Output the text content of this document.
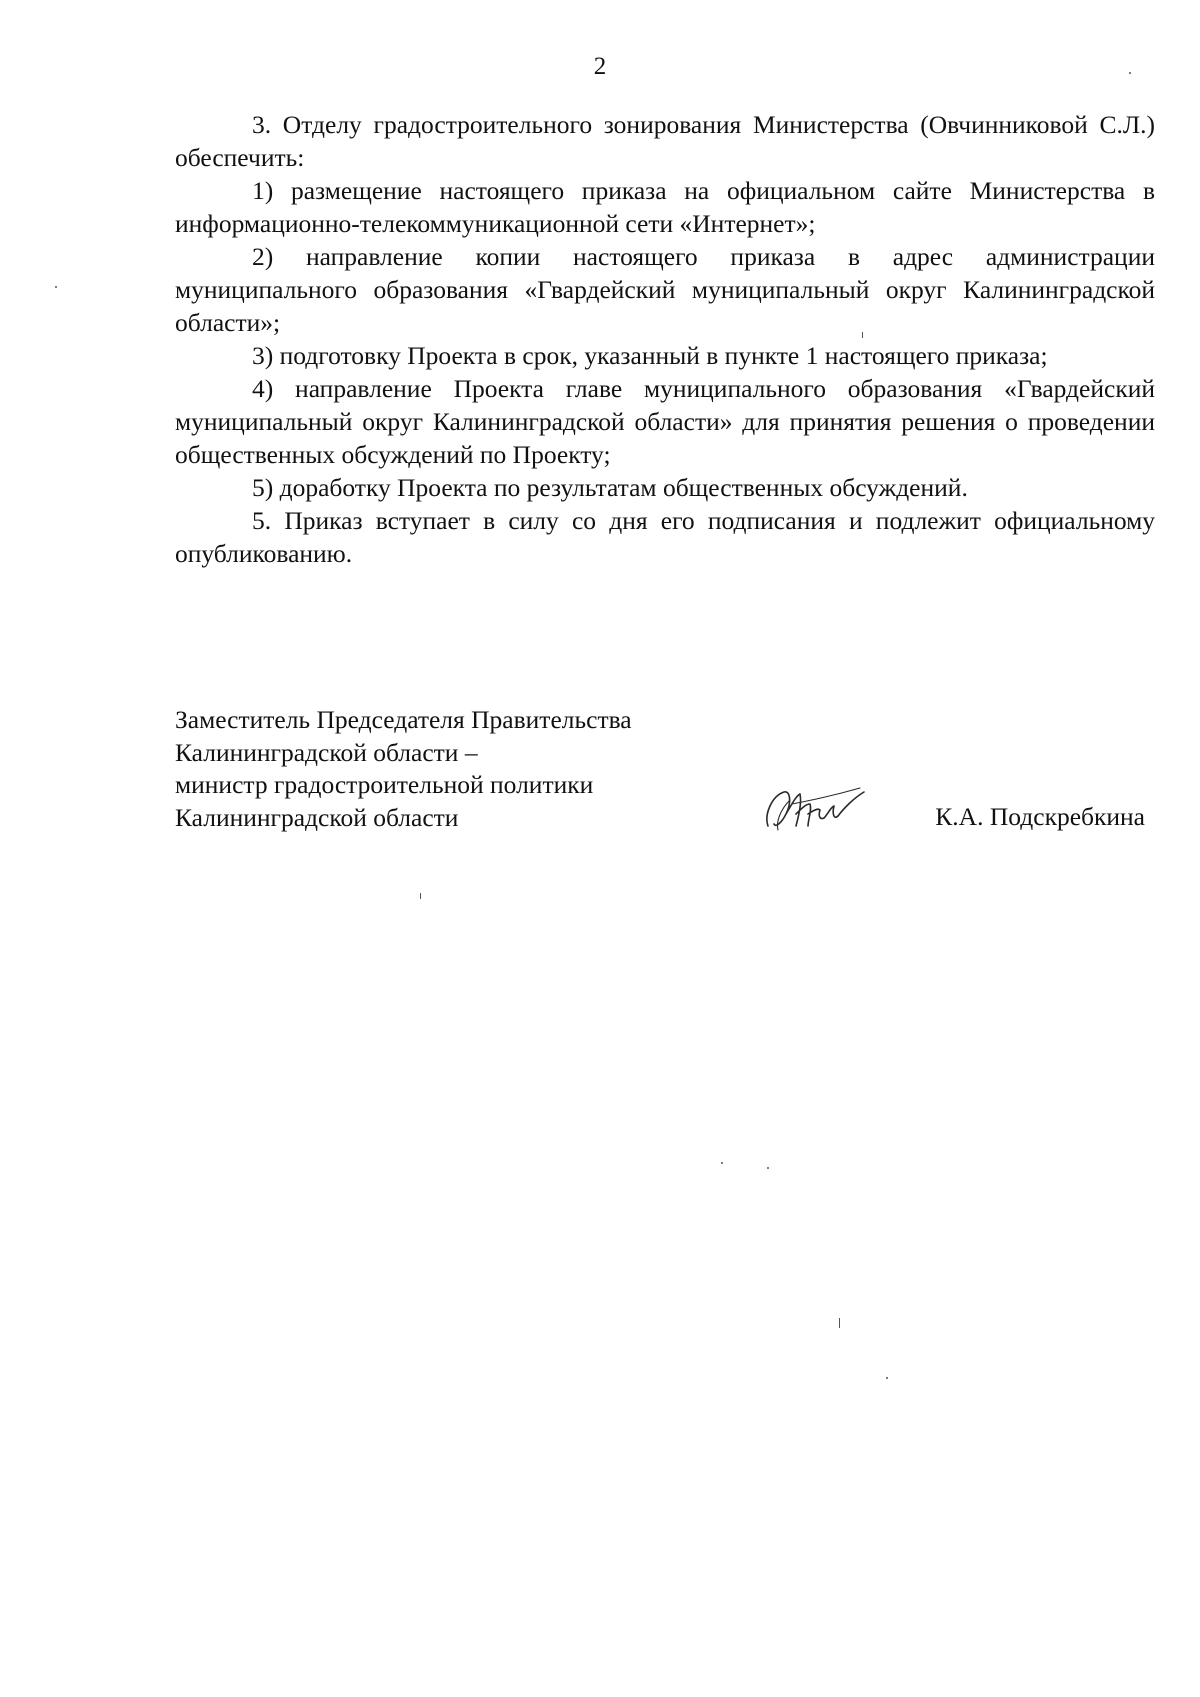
2

3. Отделу градостроительного зонирования Министерства (Овчинниковой С.Л.) обеспечить:

1) размещение настоящего приказа на официальном сайте Министерства в информационно-телекоммуникационной сети «Интернет»;

2) направление копии настоящего приказа в адрес администрации муниципального образования «Гвардейский муниципальный округ Калининградской области»;

3) подготовку Проекта в срок, указанный в пункте 1 настоящего приказа;

4) направление Проекта главе муниципального образования «Гвардейский муниципальный округ Калининградской области» для принятия решения о проведении общественных обсуждений по Проекту;

5) доработку Проекта по результатам общественных обсуждений.

5. Приказ вступает в силу со дня его подписания и подлежит официальному опубликованию.

Заместитель Председателя Правительства
Калининградской области –
министр градостроительной политики
Калининградской области	К.А. Подскребкина
